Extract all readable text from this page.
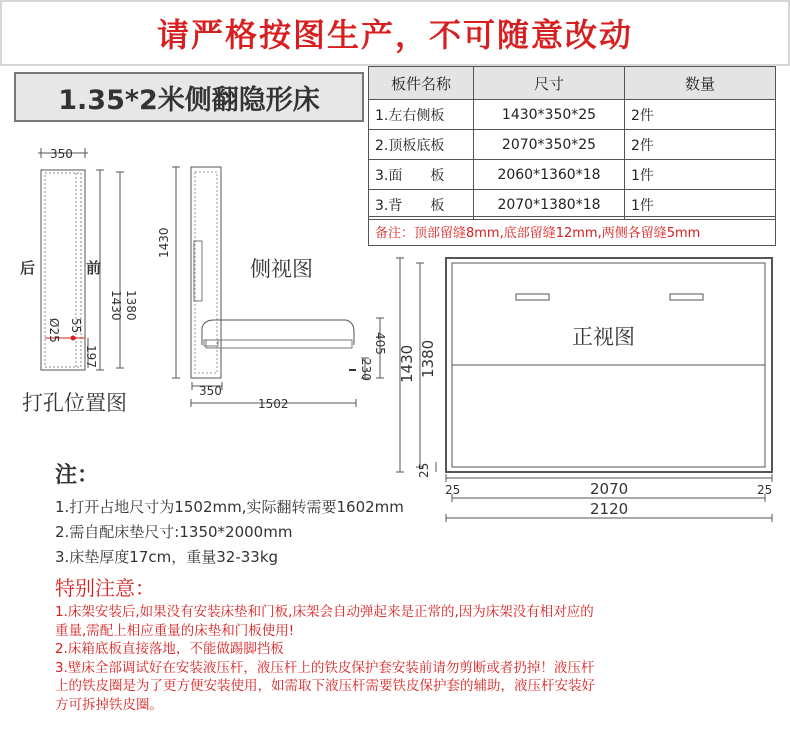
请严格按图生产，不可随意改动
1.35*2米侧翻隐形床
板件名称	尺寸	数量
1.左右侧板	1430*350*25	2件
2.顶板底板	2070*350*25	2件
3.面　　板	2060*1360*18	1件
3.背　　板	2070*1380*18	1件
备注：顶部留缝8mm,底部留缝12mm,两侧各留缝5mm
350
后	前
1430 1380
Ø25 55
197
打孔位置图
1430
350
1502
405
230
侧视图
1430 1380
25
25	25
2070
2120
正视图
注：
1.打开占地尺寸为1502mm,实际翻转需要1602mm
2.需自配床垫尺寸:1350*2000mm
3.床垫厚度17cm，重量32-33kg
特别注意：
1.床架安装后,如果没有安装床垫和门板,床架会自动弹起来是正常的,因为床架没有相对应的
重量,需配上相应重量的床垫和门板使用!
2.床箱底板直接落地，不能做踢脚挡板
3.壁床全部调试好在安装液压杆，液压杆上的铁皮保护套安装前请勿剪断或者扔掉！液压杆
上的铁皮圈是为了更方便安装使用，如需取下液压杆需要铁皮保护套的辅助，液压杆安装好
方可拆掉铁皮圈。
